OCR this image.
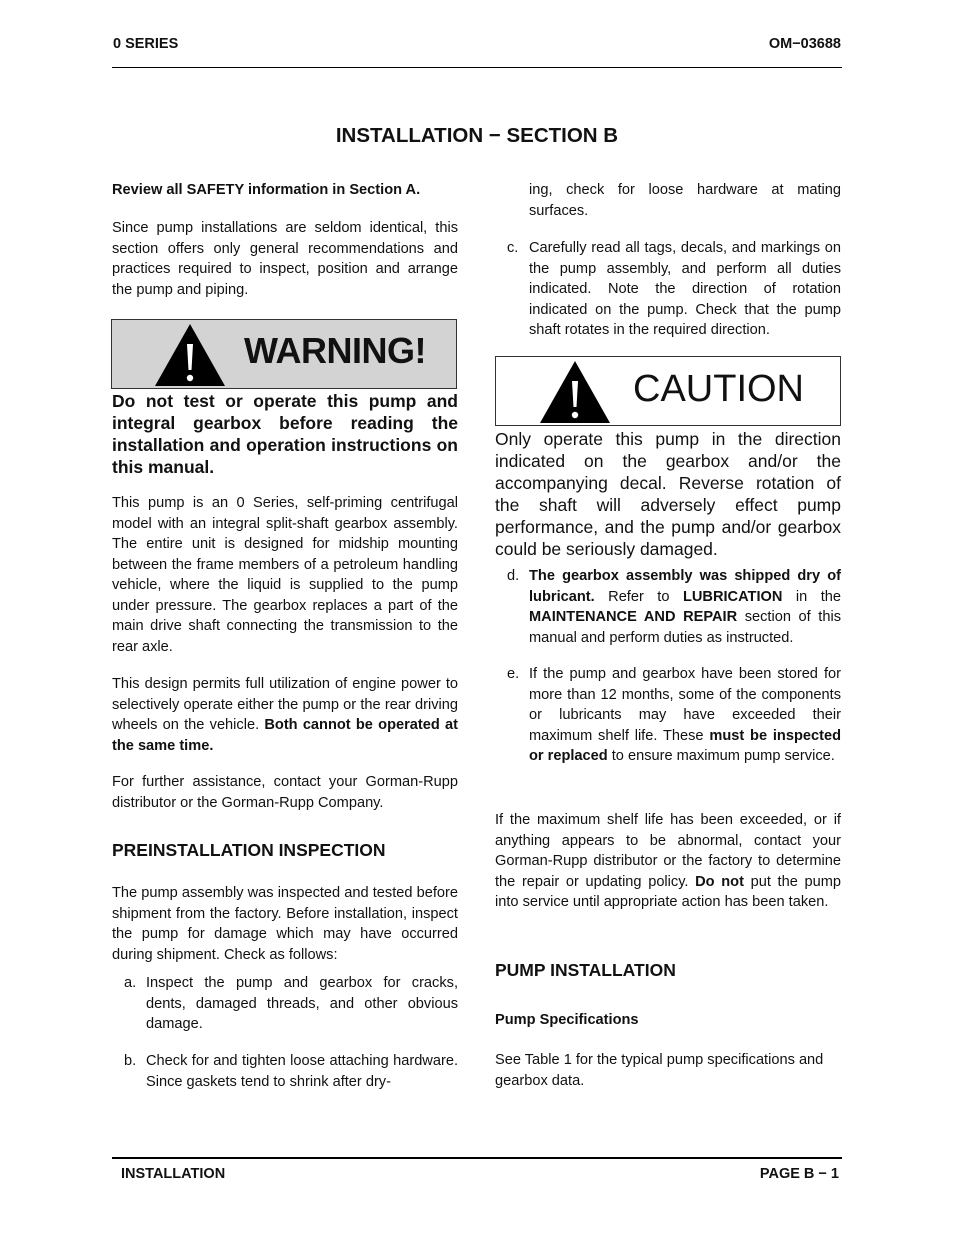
0 SERIES	OM−03688
INSTALLATION − SECTION B
Review all SAFETY information in Section A.
Since pump installations are seldom identical, this section offers only general recommendations and practices required to inspect, position and arrange the pump and piping.
WARNING!
Do not test or operate this pump and integral gearbox before reading the installation and operation instructions on this manual.
This pump is an 0 Series, self-priming centrifugal model with an integral split-shaft gearbox assembly. The entire unit is designed for midship mounting between the frame members of a petroleum handling vehicle, where the liquid is supplied to the pump under pressure. The gearbox replaces a part of the main drive shaft connecting the transmission to the rear axle.
This design permits full utilization of engine power to selectively operate either the pump or the rear driving wheels on the vehicle. Both cannot be operated at the same time.
For further assistance, contact your Gorman-Rupp distributor or the Gorman-Rupp Company.
PREINSTALLATION INSPECTION
The pump assembly was inspected and tested before shipment from the factory. Before installation, inspect the pump for damage which may have occurred during shipment. Check as follows:
a. Inspect the pump and gearbox for cracks, dents, damaged threads, and other obvious damage.
b. Check for and tighten loose attaching hardware. Since gaskets tend to shrink after dry-
ing, check for loose hardware at mating surfaces.
c. Carefully read all tags, decals, and markings on the pump assembly, and perform all duties indicated. Note the direction of rotation indicated on the pump. Check that the pump shaft rotates in the required direction.
CAUTION
Only operate this pump in the direction indicated on the gearbox and/or the accompanying decal. Reverse rotation of the shaft will adversely effect pump performance, and the pump and/or gearbox could be seriously damaged.
d. The gearbox assembly was shipped dry of lubricant. Refer to LUBRICATION in the MAINTENANCE AND REPAIR section of this manual and perform duties as instructed.
e. If the pump and gearbox have been stored for more than 12 months, some of the components or lubricants may have exceeded their maximum shelf life. These must be inspected or replaced to ensure maximum pump service.
If the maximum shelf life has been exceeded, or if anything appears to be abnormal, contact your Gorman-Rupp distributor or the factory to determine the repair or updating policy. Do not put the pump into service until appropriate action has been taken.
PUMP INSTALLATION
Pump Specifications
See Table 1 for the typical pump specifications and gearbox data.
INSTALLATION	PAGE B − 1
